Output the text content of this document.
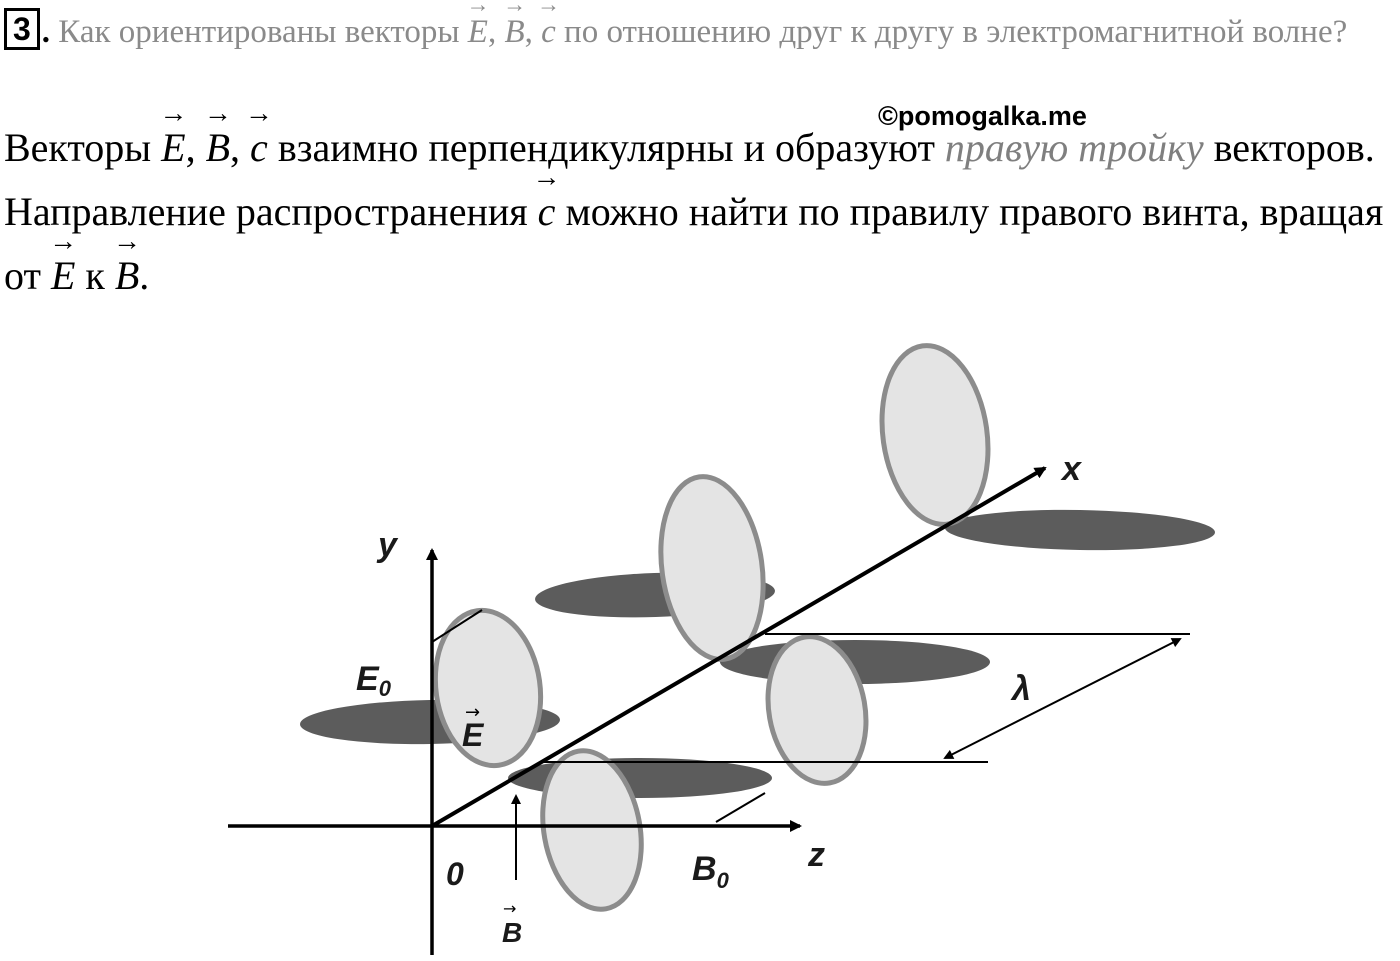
3 . Как ориентированы векторы → E, → B, → c по отношению друг к другу в электромагнитной волне?
©pomogalka.me
Векторы → E, → B, → c взаимно перпендикулярны и образуют правую тройку векторов. Направление распространения → c можно найти по правилу правого винта, вращая от → E к → B.
y
x
z
0
E0
$B_0$
E
→
B
→
λ
